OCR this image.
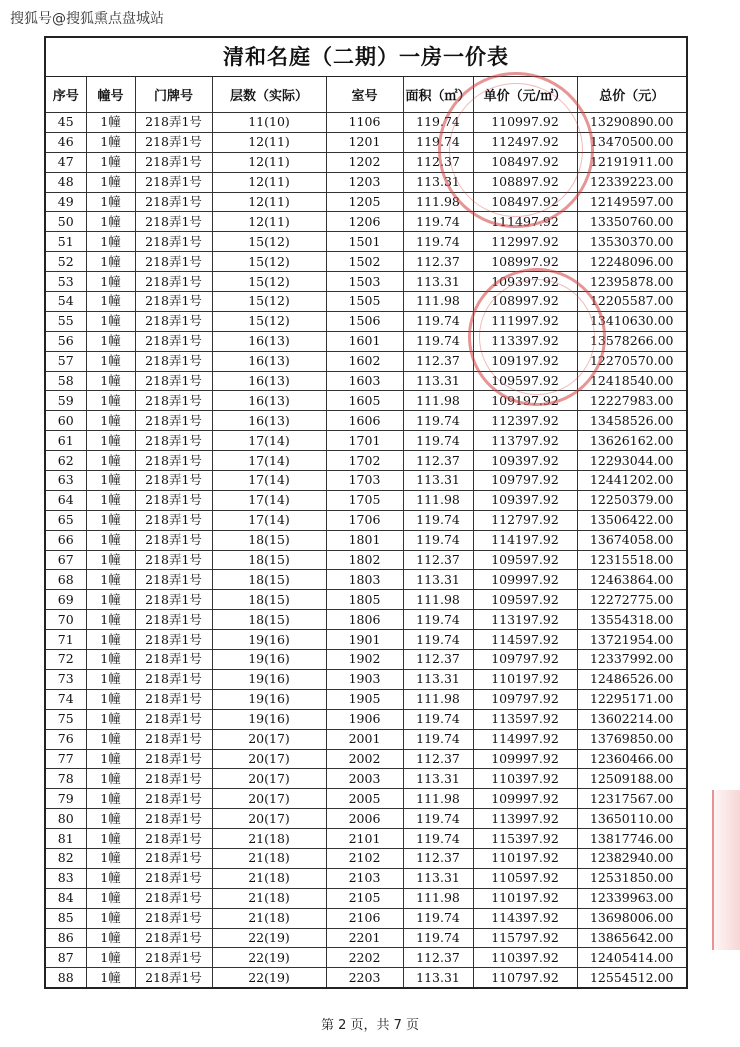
搜狐号@搜狐熏点盘城站
清和名庭（二期）一房一价表
序号	幢号	门牌号	层数（实际）	室号	面积（㎡）	单价（元/㎡）	总价（元）
45	1幢	218弄1号	11(10)	1106	119.74	110997.92	13290890.00
46	1幢	218弄1号	12(11)	1201	119.74	112497.92	13470500.00
47	1幢	218弄1号	12(11)	1202	112.37	108497.92	12191911.00
48	1幢	218弄1号	12(11)	1203	113.31	108897.92	12339223.00
49	1幢	218弄1号	12(11)	1205	111.98	108497.92	12149597.00
50	1幢	218弄1号	12(11)	1206	119.74	111497.92	13350760.00
51	1幢	218弄1号	15(12)	1501	119.74	112997.92	13530370.00
52	1幢	218弄1号	15(12)	1502	112.37	108997.92	12248096.00
53	1幢	218弄1号	15(12)	1503	113.31	109397.92	12395878.00
54	1幢	218弄1号	15(12)	1505	111.98	108997.92	12205587.00
55	1幢	218弄1号	15(12)	1506	119.74	111997.92	13410630.00
56	1幢	218弄1号	16(13)	1601	119.74	113397.92	13578266.00
57	1幢	218弄1号	16(13)	1602	112.37	109197.92	12270570.00
58	1幢	218弄1号	16(13)	1603	113.31	109597.92	12418540.00
59	1幢	218弄1号	16(13)	1605	111.98	109197.92	12227983.00
60	1幢	218弄1号	16(13)	1606	119.74	112397.92	13458526.00
61	1幢	218弄1号	17(14)	1701	119.74	113797.92	13626162.00
62	1幢	218弄1号	17(14)	1702	112.37	109397.92	12293044.00
63	1幢	218弄1号	17(14)	1703	113.31	109797.92	12441202.00
64	1幢	218弄1号	17(14)	1705	111.98	109397.92	12250379.00
65	1幢	218弄1号	17(14)	1706	119.74	112797.92	13506422.00
66	1幢	218弄1号	18(15)	1801	119.74	114197.92	13674058.00
67	1幢	218弄1号	18(15)	1802	112.37	109597.92	12315518.00
68	1幢	218弄1号	18(15)	1803	113.31	109997.92	12463864.00
69	1幢	218弄1号	18(15)	1805	111.98	109597.92	12272775.00
70	1幢	218弄1号	18(15)	1806	119.74	113197.92	13554318.00
71	1幢	218弄1号	19(16)	1901	119.74	114597.92	13721954.00
72	1幢	218弄1号	19(16)	1902	112.37	109797.92	12337992.00
73	1幢	218弄1号	19(16)	1903	113.31	110197.92	12486526.00
74	1幢	218弄1号	19(16)	1905	111.98	109797.92	12295171.00
75	1幢	218弄1号	19(16)	1906	119.74	113597.92	13602214.00
76	1幢	218弄1号	20(17)	2001	119.74	114997.92	13769850.00
77	1幢	218弄1号	20(17)	2002	112.37	109997.92	12360466.00
78	1幢	218弄1号	20(17)	2003	113.31	110397.92	12509188.00
79	1幢	218弄1号	20(17)	2005	111.98	109997.92	12317567.00
80	1幢	218弄1号	20(17)	2006	119.74	113997.92	13650110.00
81	1幢	218弄1号	21(18)	2101	119.74	115397.92	13817746.00
82	1幢	218弄1号	21(18)	2102	112.37	110197.92	12382940.00
83	1幢	218弄1号	21(18)	2103	113.31	110597.92	12531850.00
84	1幢	218弄1号	21(18)	2105	111.98	110197.92	12339963.00
85	1幢	218弄1号	21(18)	2106	119.74	114397.92	13698006.00
86	1幢	218弄1号	22(19)	2201	119.74	115797.92	13865642.00
87	1幢	218弄1号	22(19)	2202	112.37	110397.92	12405414.00
88	1幢	218弄1号	22(19)	2203	113.31	110797.92	12554512.00
第 2 页，共 7 页
